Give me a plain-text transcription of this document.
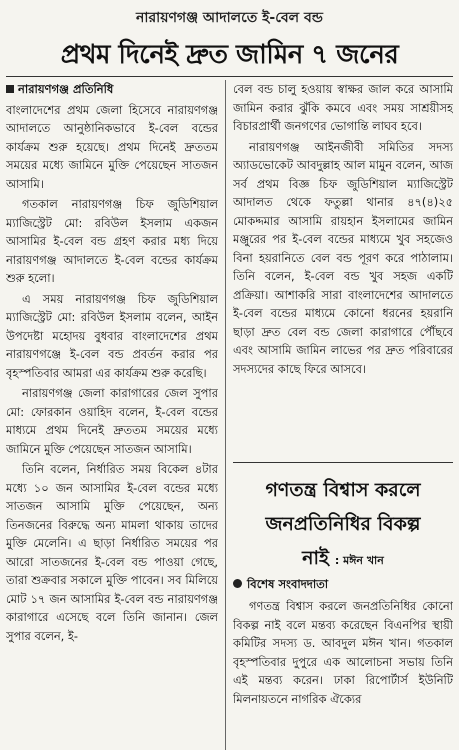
নারায়ণগঞ্জ আদালতে ই-বেল বন্ড
প্রথম দিনেই দ্রুত জামিন ৭ জনের
নারায়ণগঞ্জ প্রতিনিধি

বাংলাদেশের প্রথম জেলা হিসেবে নারায়ণগঞ্জ আদালতে আনুষ্ঠানিকভাবে ই-বেল বন্ডের কার্যক্রম শুরু হয়েছে। প্রথম দিনেই দ্রুততম সময়ের মধ্যে জামিনে মুক্তি পেয়েছেন সাতজন আসামি।

গতকাল নারায়ণগঞ্জ চিফ জুডিশিয়াল ম্যাজিস্ট্রেট মো: রবিউল ইসলাম একজন আসামির ই-বেল বন্ড গ্রহণ করার মধ্য দিয়ে নারায়ণগঞ্জ আদালতে ই-বেল বন্ডের কার্যক্রম শুরু হলো।

এ সময় নারায়ণগঞ্জ চিফ জুডিশিয়াল ম্যাজিস্ট্রেট মো: রবিউল ইসলাম বলেন, আইন উপদেষ্টা মহোদয় বুধবার বাংলাদেশের প্রথম নারায়ণগঞ্জে ই-বেল বন্ড প্রবর্তন করার পর বৃহস্পতিবার আমরা এর কার্যক্রম শুরু করেছি।

নারায়ণগঞ্জ জেলা কারাগারের জেল সুপার মো: ফোরকান ওয়াহিদ বলেন, ই-বেল বন্ডের মাধ্যমে প্রথম দিনেই দ্রুততম সময়ের মধ্যে জামিনে মুক্তি পেয়েছেন সাতজন আসামি।

তিনি বলেন, নির্ধারিত সময় বিকেল ৪টার মধ্যে ১০ জন আসামির ই-বেল বন্ডের মধ্যে সাতজন আসামি মুক্তি পেয়েছেন, অন্য তিনজনের বিরুদ্ধে অন্য মামলা থাকায় তাদের মুক্তি মেলেনি। এ ছাড়া নির্ধারিত সময়ের পর আরো সাতজনের ই-বেল বন্ড পাওয়া গেছে, তারা শুক্রবার সকালে মুক্তি পাবেন। সব মিলিয়ে মোট ১৭ জন আসামির ই-বেল বন্ড নারায়ণগঞ্জ কারাগারে এসেছে বলে তিনি জানান। জেল সুপার বলেন, ই-

বেল বন্ড চালু হওয়ায় স্বাক্ষর জাল করে আসামি জামিন করার ঝুঁকি কমবে এবং সময় সাশ্রয়ীসহ বিচারপ্রার্থী জনগণের ভোগান্তি লাঘব হবে।

নারায়ণগঞ্জ আইনজীবী সমিতির সদস্য অ্যাডভোকেট আবদুল্লাহ আল মামুন বলেন, আজ সর্ব প্রথম বিজ্ঞ চিফ জুডিশিয়াল ম্যাজিস্ট্রেট আদালত থেকে ফতুল্লা থানার ৪৭(৪)২৫ মোকদ্দমার আসামি রায়হান ইসলামের জামিন মঞ্জুরের পর ই-বেল বন্ডের মাধ্যমে খুব সহজেও বিনা হয়রানিতে বেল বন্ড পূরণ করে পাঠালাম। তিনি বলেন, ই-বেল বন্ড খুব সহজ একটি প্রক্রিয়া। আশাকরি সারা বাংলাদেশের আদালতে ই-বেল বন্ডের মাধ্যমে কোনো ধরনের হয়রানি ছাড়া দ্রুত বেল বন্ড জেলা কারাগারে পৌঁছবে এবং আসামি জামিন লাভের পর দ্রুত পরিবারের সদস্যদের কাছে ফিরে আসবে।

গণতন্ত্র বিশ্বাস করলে
জনপ্রতিনিধির বিকল্প
নাই : মঈন খান
বিশেষ সংবাদদাতা

গণতন্ত্র বিশ্বাস করলে জনপ্রতিনিধির কোনো বিকল্প নাই বলে মন্তব্য করেছেন বিএনপির স্থায়ী কমিটির সদস্য ড. আবদুল মঈন খান। গতকাল বৃহস্পতিবার দুপুরে এক আলোচনা সভায় তিনি এই মন্তব্য করেন। ঢাকা রিপোর্টার্স ইউনিটি মিলনায়তনে নাগরিক ঐক্যের
